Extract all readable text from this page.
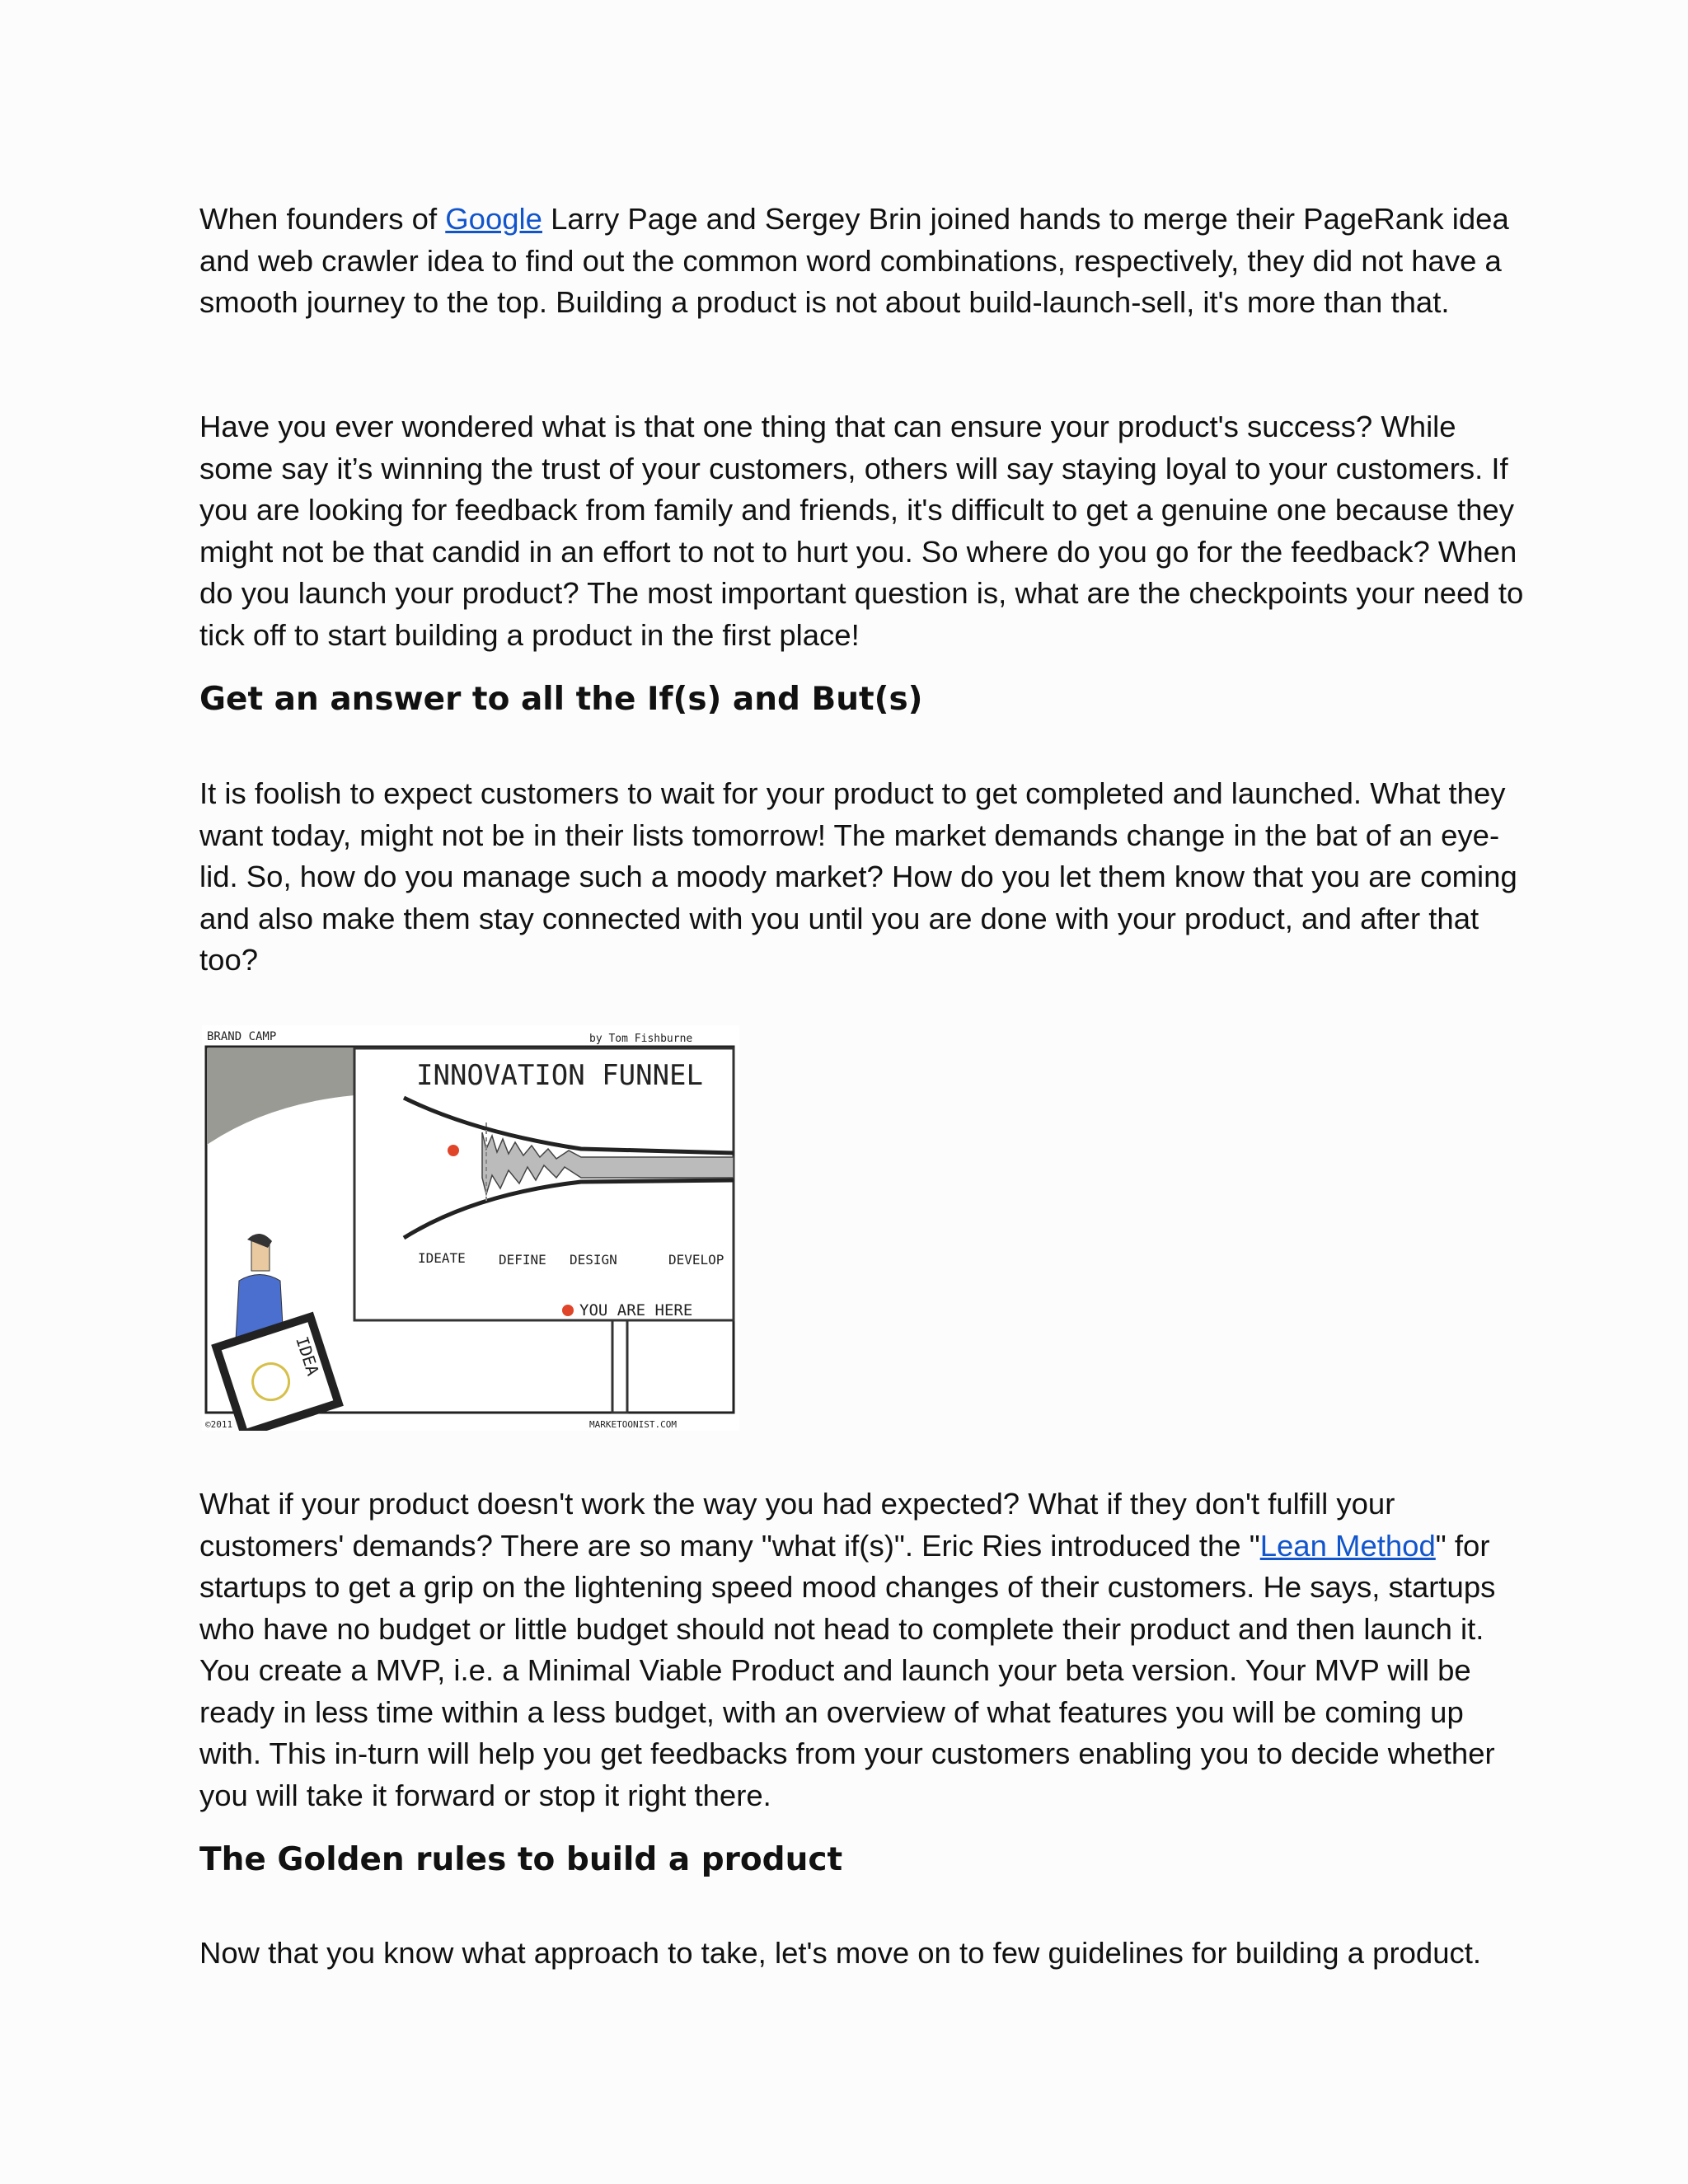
When founders of Google Larry Page and Sergey Brin joined hands to merge their PageRank idea and web crawler idea to find out the common word combinations, respectively, they did not have a smooth journey to the top. Building a product is not about build-launch-sell, it's more than that.

Have you ever wondered what is that one thing that can ensure your product's success? While some say it’s winning the trust of your customers, others will say staying loyal to your customers. If you are looking for feedback from family and friends, it's difficult to get a genuine one because they might not be that candid in an effort to not to hurt you. So where do you go for the feedback? When do you launch your product? The most important question is, what are the checkpoints your need to tick off to start building a product in the first place!

Get an answer to all the If(s) and But(s)

It is foolish to expect customers to wait for your product to get completed and launched. What they want today, might not be in their lists tomorrow! The market demands change in the bat of an eye-lid. So, how do you manage such a moody market? How do you let them know that you are coming and also make them stay connected with you until you are done with your product, and after that too?

BRAND CAMP	by Tom Fishburne
INNOVATION FUNNEL
IDEATE	DEFINE DESIGN	DEVELOP
YOU ARE HERE
IDEA
©2011	MARKETOONIST.COM

What if your product doesn't work the way you had expected? What if they don't fulfill your customers' demands? There are so many "what if(s)". Eric Ries introduced the "Lean Method" for startups to get a grip on the lightening speed mood changes of their customers. He says, startups who have no budget or little budget should not head to complete their product and then launch it. You create a MVP, i.e. a Minimal Viable Product and launch your beta version. Your MVP will be ready in less time within a less budget, with an overview of what features you will be coming up with. This in-turn will help you get feedbacks from your customers enabling you to decide whether you will take it forward or stop it right there.

The Golden rules to build a product

Now that you know what approach to take, let's move on to few guidelines for building a product.
